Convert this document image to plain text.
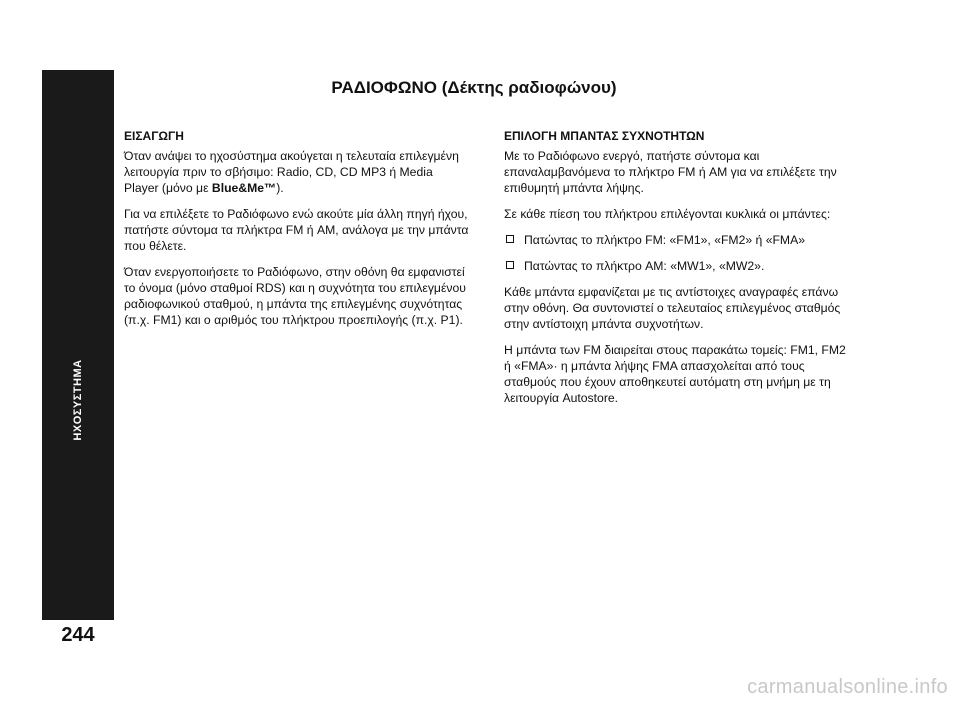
ΗΧΟΣΥΣΤΗΜΑ
244
ΡΑΔΙΟΦΩΝΟ (Δέκτης ραδιοφώνου)
ΕΙΣΑΓΩΓΗ

Όταν ανάψει το ηχοσύστημα ακούγεται η τελευταία επιλεγμένη λειτουργία πριν το σβήσιμο: Radio, CD, CD MP3 ή Media Player (μόνο με Blue&Me™).

Για να επιλέξετε το Ραδιόφωνο ενώ ακούτε μία άλλη πηγή ήχου, πατήστε σύντομα τα πλήκτρα FM ή AM, ανάλογα με την μπάντα που θέλετε.

Όταν ενεργοποιήσετε το Ραδιόφωνο, στην οθόνη θα εμφανιστεί το όνομα (μόνο σταθμοί RDS) και η συχνότητα του επιλεγμένου ραδιοφωνικού σταθμού, η μπάντα της επιλεγμένης συχνότητας (π.χ. FM1) και ο αριθμός του πλήκτρου προεπιλογής (π.χ. P1).

ΕΠΙΛΟΓΗ ΜΠΑΝΤΑΣ ΣΥΧΝΟΤΗΤΩΝ

Με το Ραδιόφωνο ενεργό, πατήστε σύντομα και επαναλαμβανόμενα το πλήκτρο FM ή AM για να επιλέξετε την επιθυμητή μπάντα λήψης.

Σε κάθε πίεση του πλήκτρου επιλέγονται κυκλικά οι μπάντες:

Πατώντας το πλήκτρο FM: «FM1», «FM2» ή «FMA»
Πατώντας το πλήκτρο AM: «MW1», «MW2».

Κάθε μπάντα εμφανίζεται με τις αντίστοιχες αναγραφές επάνω στην οθόνη. Θα συντονιστεί ο τελευταίος επιλεγμένος σταθμός στην αντίστοιχη μπάντα συχνοτήτων.

Η μπάντα των FM διαιρείται στους παρακάτω τομείς: FM1, FM2 ή «FMA»· η μπάντα λήψης FMA απασχολείται από τους σταθμούς που έχουν αποθηκευτεί αυτόματη στη μνήμη με τη λειτουργία Autostore.

carmanualsonline.info
